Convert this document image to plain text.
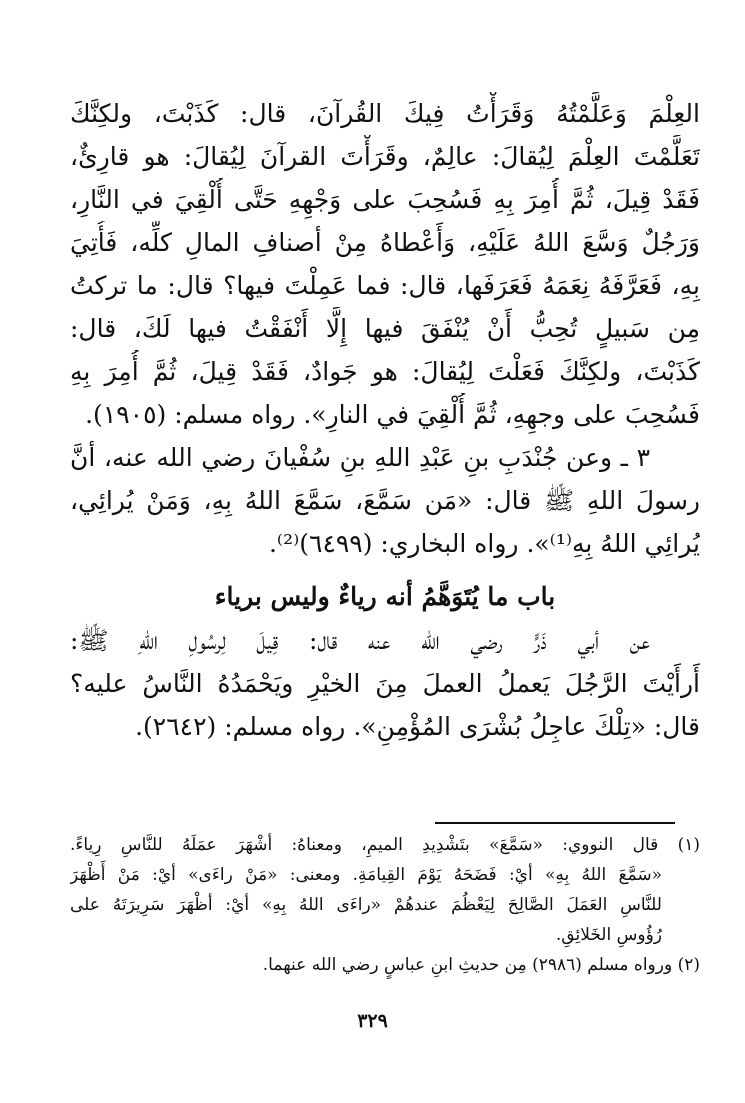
العِلْمَ وَعَلَّمْتُهُ وَقَرَأْتُ فِيكَ القُرآنَ، قال: كَذَبْتَ، ولكِنَّكَ
تَعَلَّمْتَ العِلْمَ لِيُقالَ: عالِمٌ، وقَرَأْتَ القرآنَ لِيُقالَ: هو قارِئٌ،
فَقَدْ قِيلَ، ثُمَّ أُمِرَ بِهِ فَسُحِبَ على وَجْهِهِ حَتَّى أُلْقِيَ في النَّارِ،
وَرَجُلٌ وَسَّعَ اللهُ عَلَيْهِ، وَأَعْطاهُ مِنْ أصنافِ المالِ كلِّه، فَأُتِيَ
بِهِ، فَعَرَّفَهُ نِعَمَهُ فَعَرَفَها، قال: فما عَمِلْتَ فيها؟ قال: ما تركتُ
مِن سَبيلٍ تُحِبُّ أَنْ يُنْفَقَ فيها إِلَّا أَنْفَقْتُ فيها لَكَ، قال:
كَذَبْتَ، ولكِنَّكَ فَعَلْتَ لِيُقالَ: هو جَوادٌ، فَقَدْ قِيلَ، ثُمَّ أُمِرَ بِهِ
فَسُحِبَ على وجهِهِ، ثُمَّ أُلْقِيَ في النارِ». رواه مسلم: (١٩٠٥).
٣ ـ وعن جُنْدَبِ بنِ عَبْدِ اللهِ بنِ سُفْيانَ رضي الله عنه، أنَّ
رسولَ اللهِ ﷺ قال: «مَن سَمَّعَ، سَمَّعَ اللهُ بِهِ، وَمَنْ يُرائِي،
يُرائِي اللهُ بِهِ⁽¹⁾». رواه البخاري: (٦٤٩٩)⁽²⁾.
باب ما يُتَوَهَّمُ أنه رياءٌ وليس برياء
عن أبي ذَرٍّ رضي الله عنه قال: قِيلَ لِرسُولِ اللهِ ﷺ:
أَرأَيْتَ الرَّجُلَ يَعملُ العملَ مِنَ الخيْرِ ويَحْمَدُهُ النَّاسُ عليه؟
قال: «تِلْكَ عاجِلُ بُشْرَى المُؤْمِنِ». رواه مسلم: (٢٦٤٢).
(١) قال النووي: «سَمَّعَ» بتَشْدِيدِ الميمِ، ومعناهُ: أشْهَرَ عمَلَهُ للنَّاسِ رِياءً.
«سَمَّعَ اللهُ بِهِ» أيْ: فَضَحَهُ يَوْمَ القِيامَةِ. ومعنى: «مَنْ راءَى» أيْ: مَنْ أَظْهَرَ
للنَّاسِ العَمَلَ الصَّالِحَ لِيَعْظُمَ عندهُمْ «راءَى اللهُ بِهِ» أيْ: أظْهَرَ سَرِيرَتَهُ على
رُؤُوسِ الخَلائِقِ.
(٢) ورواه مسلم (٢٩٨٦) مِن حديثِ ابنِ عباسٍ رضي الله عنهما.
٣٢٩
